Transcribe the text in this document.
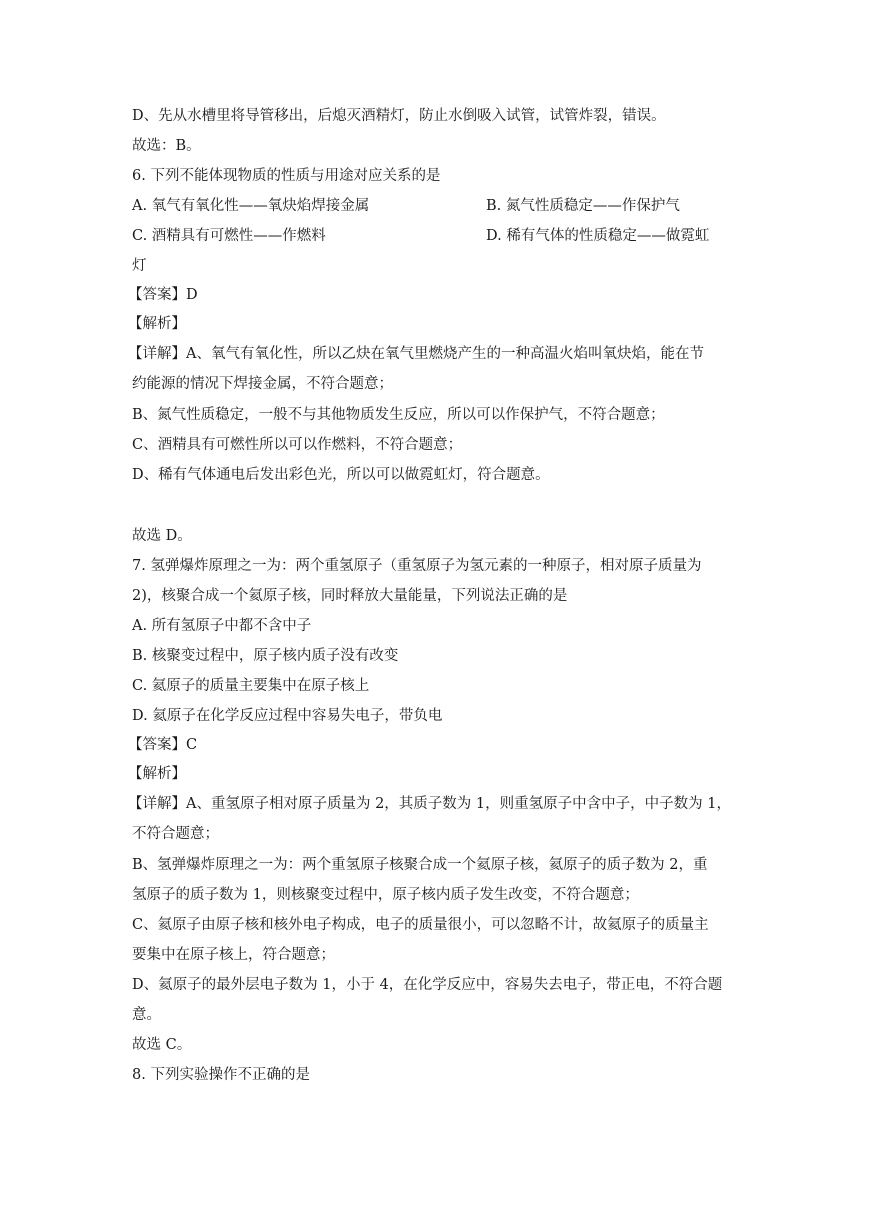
D、先从水槽里将导管移出，后熄灭酒精灯，防止水倒吸入试管，试管炸裂，错误。
故选：B。
6. 下列不能体现物质的性质与用途对应关系的是
A. 氧气有氧化性——氧炔焰焊接金属	B. 氮气性质稳定——作保护气
C. 酒精具有可燃性——作燃料	D. 稀有气体的性质稳定——做霓虹
灯
【答案】D
【解析】
【详解】A、氧气有氧化性，所以乙炔在氧气里燃烧产生的一种高温火焰叫氧炔焰，能在节
约能源的情况下焊接金属，不符合题意；
B、氮气性质稳定，一般不与其他物质发生反应，所以可以作保护气，不符合题意；
C、酒精具有可燃性所以可以作燃料，不符合题意；
D、稀有气体通电后发出彩色光，所以可以做霓虹灯，符合题意。
故选 D。
7. 氢弹爆炸原理之一为：两个重氢原子（重氢原子为氢元素的一种原子，相对原子质量为
2)，核聚合成一个氦原子核，同时释放大量能量，下列说法正确的是
A. 所有氢原子中都不含中子
B. 核聚变过程中，原子核内质子没有改变
C. 氦原子的质量主要集中在原子核上
D. 氦原子在化学反应过程中容易失电子，带负电
【答案】C
【解析】
【详解】A、重氢原子相对原子质量为 2，其质子数为 1，则重氢原子中含中子，中子数为 1，
不符合题意；
B、氢弹爆炸原理之一为：两个重氢原子核聚合成一个氦原子核，氦原子的质子数为 2，重
氢原子的质子数为 1，则核聚变过程中，原子核内质子发生改变，不符合题意；
C、氦原子由原子核和核外电子构成，电子的质量很小，可以忽略不计，故氦原子的质量主
要集中在原子核上，符合题意；
D、氦原子的最外层电子数为 1，小于 4，在化学反应中，容易失去电子，带正电，不符合题
意。
故选 C。
8. 下列实验操作不正确的是
